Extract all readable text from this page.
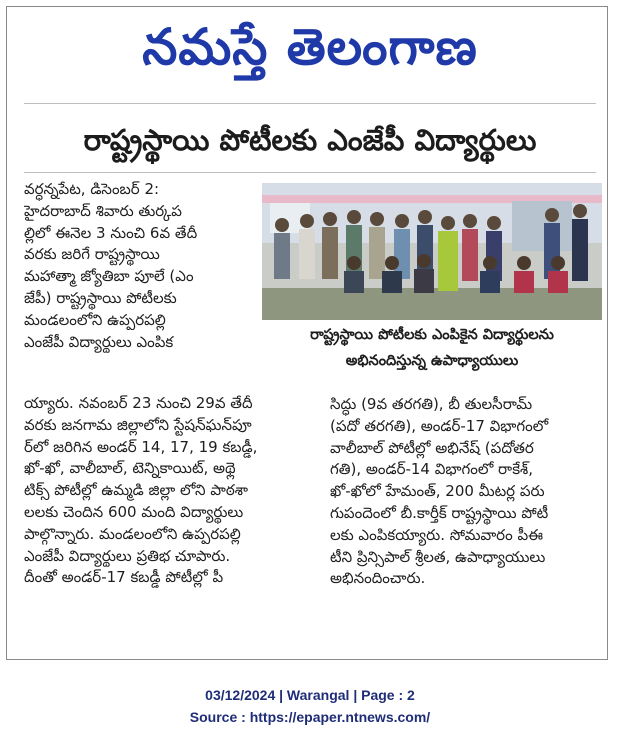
నమస్తే తెలంగాణ
రాష్ట్రస్థాయి పోటీలకు ఎంజేపీ విద్యార్థులు
వర్ధన్నపేట, డిసెంబర్ 2:
హైదరాబాద్ శివారు తుర్కప
ల్లిలో ఈనెల 3 నుంచి 6వ తేదీ
వరకు జరిగే రాష్ట్రస్థాయి
మహాత్మా జ్యోతిబా పూలే (ఎం
జేపీ) రాష్ట్రస్థాయి పోటీలకు
మండలంలోని ఉప్పరపల్లి
ఎంజేపీ విద్యార్థులు ఎంపిక
య్యారు. నవంబర్ 23 నుంచి 29వ తేదీ
వరకు జనగామ జిల్లాలోని స్టేషన్‌ఘన్‌పూ
ర్‌లో జరిగిన అండర్ 14, 17, 19 కబడ్డీ,
ఖో-ఖో, వాలీబాల్, టెన్నికాయిట్, అథ్లె
టిక్స్ పోటీల్లో ఉమ్మడి జిల్లా లోని పాఠశా
లలకు చెందిన 600 మంది విద్యార్థులు
పాల్గొన్నారు. మండలంలోని ఉప్పరపల్లి
ఎంజేపీ విద్యార్థులు ప్రతిభ చూపారు.
దీంతో అండర్-17 కబడ్డీ పోటీల్లో పీ
రాష్ట్రస్థాయి పోటీలకు ఎంపికైన విద్యార్థులను
అభినందిస్తున్న ఉపాధ్యాయులు
సిద్ధు (9వ తరగతి), బీ తులసీరామ్
(పదో తరగతి), అండర్-17 విభాగంలో
వాలీబాల్ పోటీల్లో అభినేష్ (పదోతర
గతి), అండర్-14 విభాగంలో రాకేశ్,
ఖో-ఖోలో హేమంత్, 200 మీటర్ల పరు
గుపందెంలో బీ.కార్తీక్ రాష్ట్రస్థాయి పోటీ
లకు ఎంపికయ్యారు. సోమవారం పీఈ
టీని ప్రిన్సిపాల్ శ్రీలత, ఉపాధ్యాయులు
అభినందించారు.
03/12/2024 | Warangal | Page : 2
Source : https://epaper.ntnews.com/
